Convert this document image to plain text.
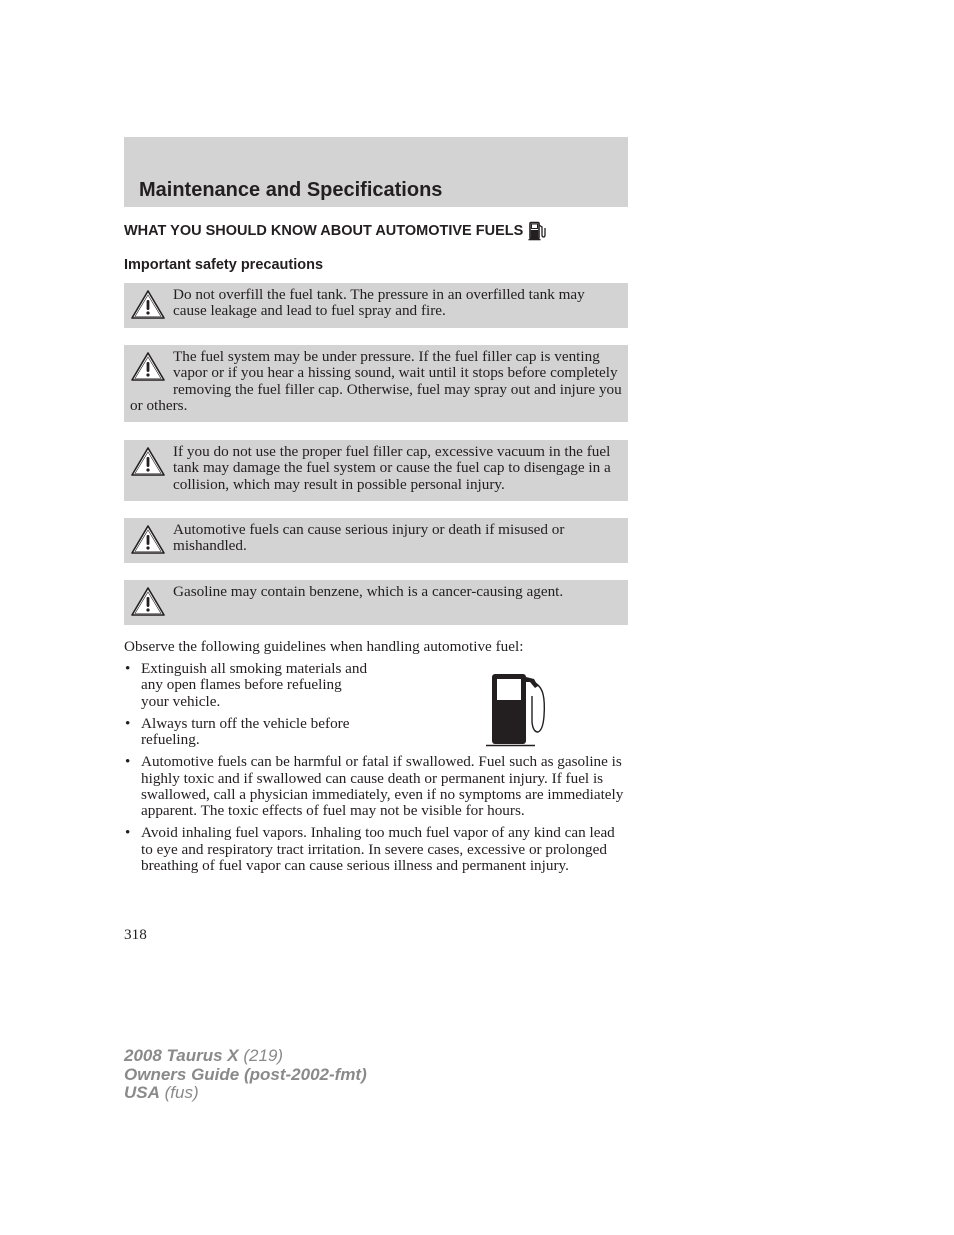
Maintenance and Specifications
WHAT YOU SHOULD KNOW ABOUT AUTOMOTIVE FUELS
Important safety precautions

Do not overfill the fuel tank. The pressure in an overfilled tank may cause leakage and lead to fuel spray and fire.

The fuel system may be under pressure. If the fuel filler cap is venting vapor or if you hear a hissing sound, wait until it stops before completely removing the fuel filler cap. Otherwise, fuel may spray out and injure you or others.

If you do not use the proper fuel filler cap, excessive vacuum in the fuel tank may damage the fuel system or cause the fuel cap to disengage in a collision, which may result in possible personal injury.

Automotive fuels can cause serious injury or death if misused or mishandled.

Gasoline may contain benzene, which is a cancer-causing agent.

Observe the following guidelines when handling automotive fuel:

• Extinguish all smoking materials and any open flames before refueling your vehicle.
• Always turn off the vehicle before refueling.
• Automotive fuels can be harmful or fatal if swallowed. Fuel such as gasoline is highly toxic and if swallowed can cause death or permanent injury. If fuel is swallowed, call a physician immediately, even if no symptoms are immediately apparent. The toxic effects of fuel may not be visible for hours.
• Avoid inhaling fuel vapors. Inhaling too much fuel vapor of any kind can lead to eye and respiratory tract irritation. In severe cases, excessive or prolonged breathing of fuel vapor can cause serious illness and permanent injury.
318
2008 Taurus X (219)
Owners Guide (post-2002-fmt)
USA (fus)
